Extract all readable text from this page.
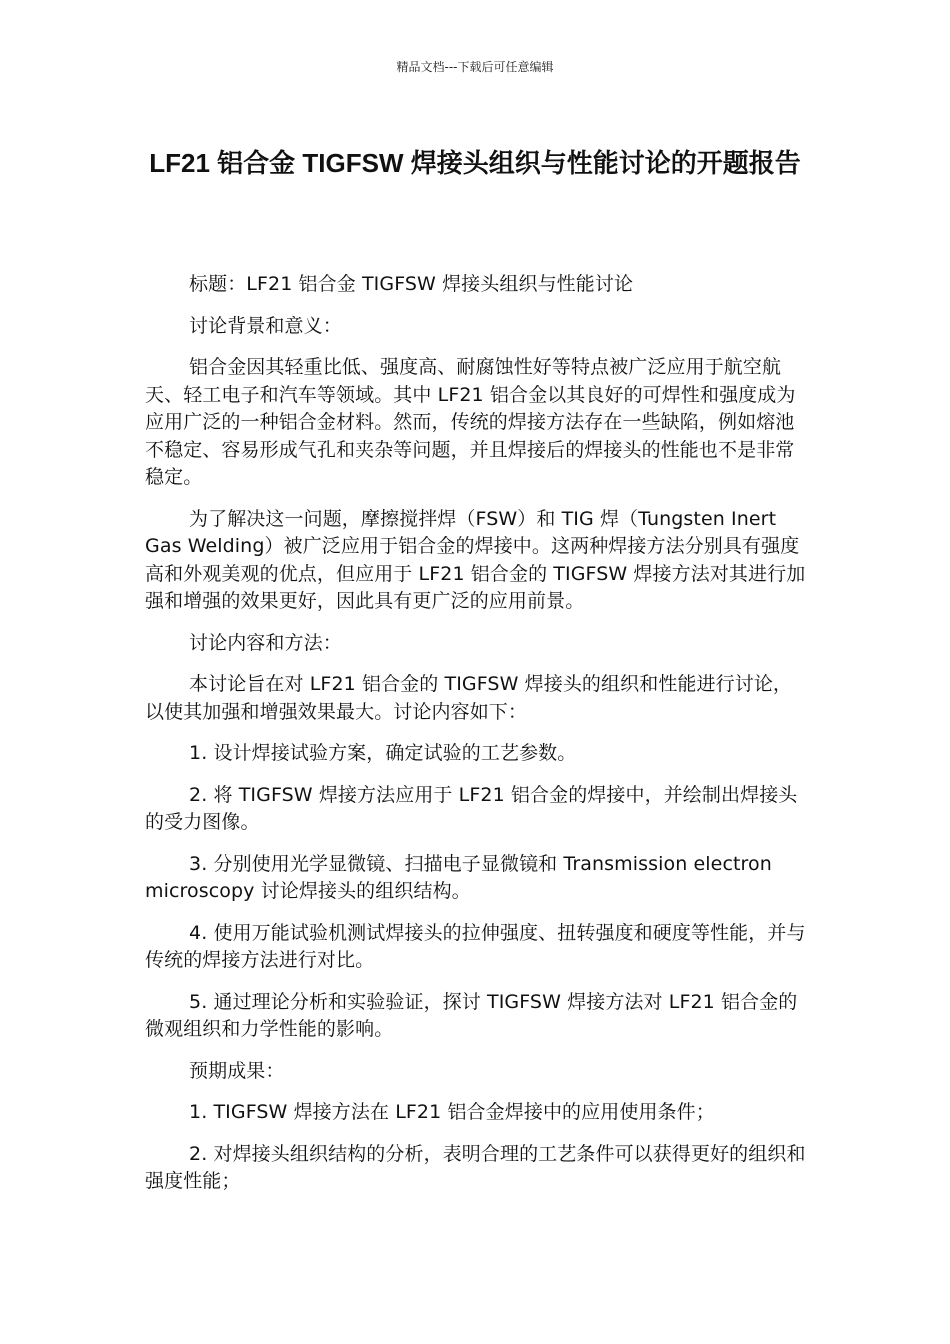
精品文档---下载后可任意编辑
LF21 铝合金 TIGFSW 焊接头组织与性能讨论的开题报告

标题：LF21 铝合金 TIGFSW 焊接头组织与性能讨论

讨论背景和意义：

铝合金因其轻重比低、强度高、耐腐蚀性好等特点被广泛应用于航空航天、轻工电子和汽车等领域。其中 LF21 铝合金以其良好的可焊性和强度成为应用广泛的一种铝合金材料。然而，传统的焊接方法存在一些缺陷，例如熔池不稳定、容易形成气孔和夹杂等问题，并且焊接后的焊接头的性能也不是非常稳定。

为了解决这一问题，摩擦搅拌焊（FSW）和 TIG 焊（Tungsten Inert Gas Welding）被广泛应用于铝合金的焊接中。这两种焊接方法分别具有强度高和外观美观的优点，但应用于 LF21 铝合金的 TIGFSW 焊接方法对其进行加强和增强的效果更好，因此具有更广泛的应用前景。

讨论内容和方法：

本讨论旨在对 LF21 铝合金的 TIGFSW 焊接头的组织和性能进行讨论，以使其加强和增强效果最大。讨论内容如下：

1. 设计焊接试验方案，确定试验的工艺参数。

2. 将 TIGFSW 焊接方法应用于 LF21 铝合金的焊接中，并绘制出焊接头的受力图像。

3. 分别使用光学显微镜、扫描电子显微镜和 Transmission electron microscopy 讨论焊接头的组织结构。

4. 使用万能试验机测试焊接头的拉伸强度、扭转强度和硬度等性能，并与传统的焊接方法进行对比。

5. 通过理论分析和实验验证，探讨 TIGFSW 焊接方法对 LF21 铝合金的微观组织和力学性能的影响。

预期成果：

1. TIGFSW 焊接方法在 LF21 铝合金焊接中的应用使用条件；

2. 对焊接头组织结构的分析，表明合理的工艺条件可以获得更好的组织和强度性能；
